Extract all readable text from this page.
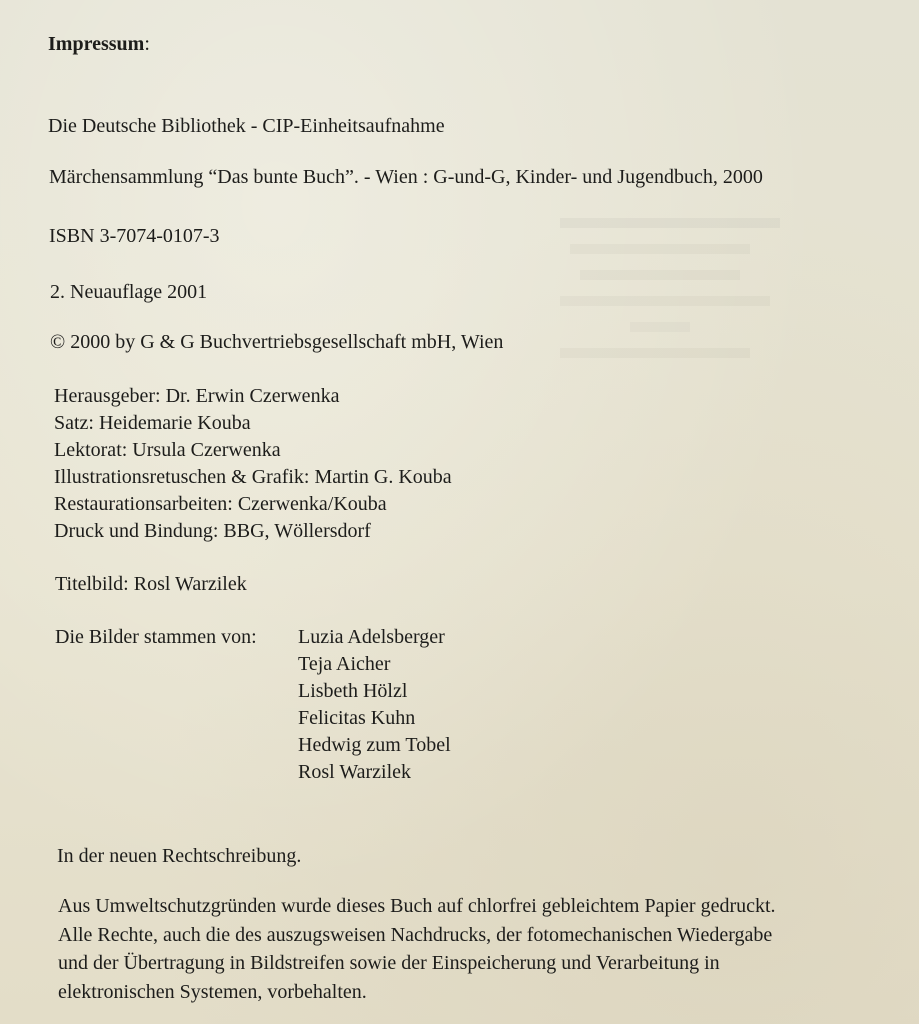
Impressum:
Die Deutsche Bibliothek - CIP-Einheitsaufnahme
Märchensammlung “Das bunte Buch”. - Wien : G-und-G, Kinder- und Jugendbuch, 2000
ISBN 3-7074-0107-3
2. Neuauflage 2001
© 2000 by G & G Buchvertriebsgesellschaft mbH, Wien
Herausgeber: Dr. Erwin Czerwenka
Satz: Heidemarie Kouba
Lektorat: Ursula Czerwenka
Illustrationsretuschen & Grafik: Martin G. Kouba
Restaurationsarbeiten: Czerwenka/Kouba
Druck und Bindung: BBG, Wöllersdorf
Titelbild: Rosl Warzilek
Die Bilder stammen von: Luzia Adelsberger
Teja Aicher
Lisbeth Hölzl
Felicitas Kuhn
Hedwig zum Tobel
Rosl Warzilek
In der neuen Rechtschreibung.
Aus Umweltschutzgründen wurde dieses Buch auf chlorfrei gebleichtem Papier gedruckt.
Alle Rechte, auch die des auszugsweisen Nachdrucks, der fotomechanischen Wiedergabe
und der Übertragung in Bildstreifen sowie der Einspeicherung und Verarbeitung in
elektronischen Systemen, vorbehalten.
